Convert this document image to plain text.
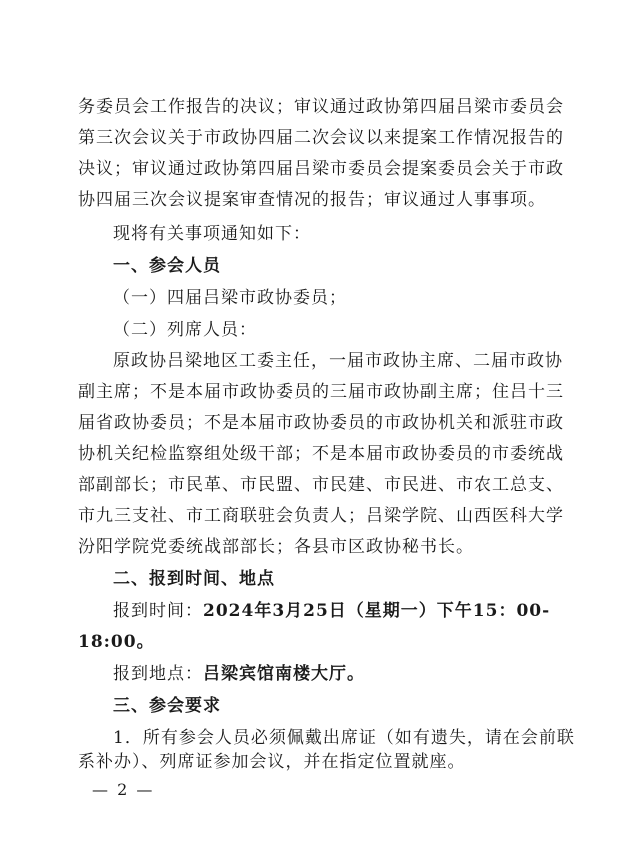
务委员会工作报告的决议；审议通过政协第四届吕梁市委员会
第三次会议关于市政协四届二次会议以来提案工作情况报告的
决议；审议通过政协第四届吕梁市委员会提案委员会关于市政
协四届三次会议提案审查情况的报告；审议通过人事事项。
现将有关事项通知如下：
一、参会人员
（一）四届吕梁市政协委员；
（二）列席人员：
原政协吕梁地区工委主任，一届市政协主席、二届市政协
副主席；不是本届市政协委员的三届市政协副主席；住吕十三
届省政协委员；不是本届市政协委员的市政协机关和派驻市政
协机关纪检监察组处级干部；不是本届市政协委员的市委统战
部副部长；市民革、市民盟、市民建、市民进、市农工总支、
市九三支社、市工商联驻会负责人；吕梁学院、山西医科大学
汾阳学院党委统战部部长；各县市区政协秘书长。
二、报到时间、地点
报到时间：2024年3月25日（星期一）下午15：00-
18:00。
报到地点：吕梁宾馆南楼大厅。
三、参会要求
1．所有参会人员必须佩戴出席证（如有遗失，请在会前联
系补办）、列席证参加会议，并在指定位置就座。
— 2 —
